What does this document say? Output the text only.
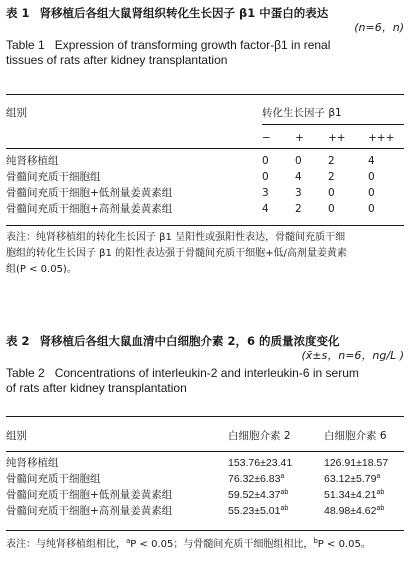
表 1 肾移植后各组大鼠肾组织转化生长因子 β1 中蛋白的表达
(n=6，n)
Table 1 Expression of transforming growth factor-β1 in renal
tissues of rats after kidney transplantation
组别	转化生长因子 β1
	−	+	++	+++
纯肾移植组	0	0	2	4
骨髓间充质干细胞组	0	4	2	0
骨髓间充质干细胞+低剂量姜黄素组	3	3	0	0
骨髓间充质干细胞+高剂量姜黄素组	4	2	0	0
表注：纯肾移植组的转化生长因子 β1 呈阳性或强阳性表达，骨髓间充质干细
胞组的转化生长因子 β1 的阳性表达强于骨髓间充质干细胞+低/高剂量姜黄素
组(P < 0.05)。
表 2 肾移植后各组大鼠血清中白细胞介素 2，6 的质量浓度变化
(x̄±s，n=6，ng/L )
Table 2 Concentrations of interleukin-2 and interleukin-6 in serum
of rats after kidney transplantation
组别	白细胞介素 2	白细胞介素 6
纯肾移植组	153.76±23.41	126.91±18.57
骨髓间充质干细胞组	76.32±6.83$^a$	63.12±5.79$^a$
骨髓间充质干细胞+低剂量姜黄素组	59.52±4.37$^{ab}$	51.34±4.21$^{ab}$
骨髓间充质干细胞+高剂量姜黄素组	55.23±5.01$^{ab}$	48.98±4.62$^{ab}$
表注：与纯肾移植组相比，$^a$P < 0.05；与骨髓间充质干细胞组相比，$^b$P < 0.05。
